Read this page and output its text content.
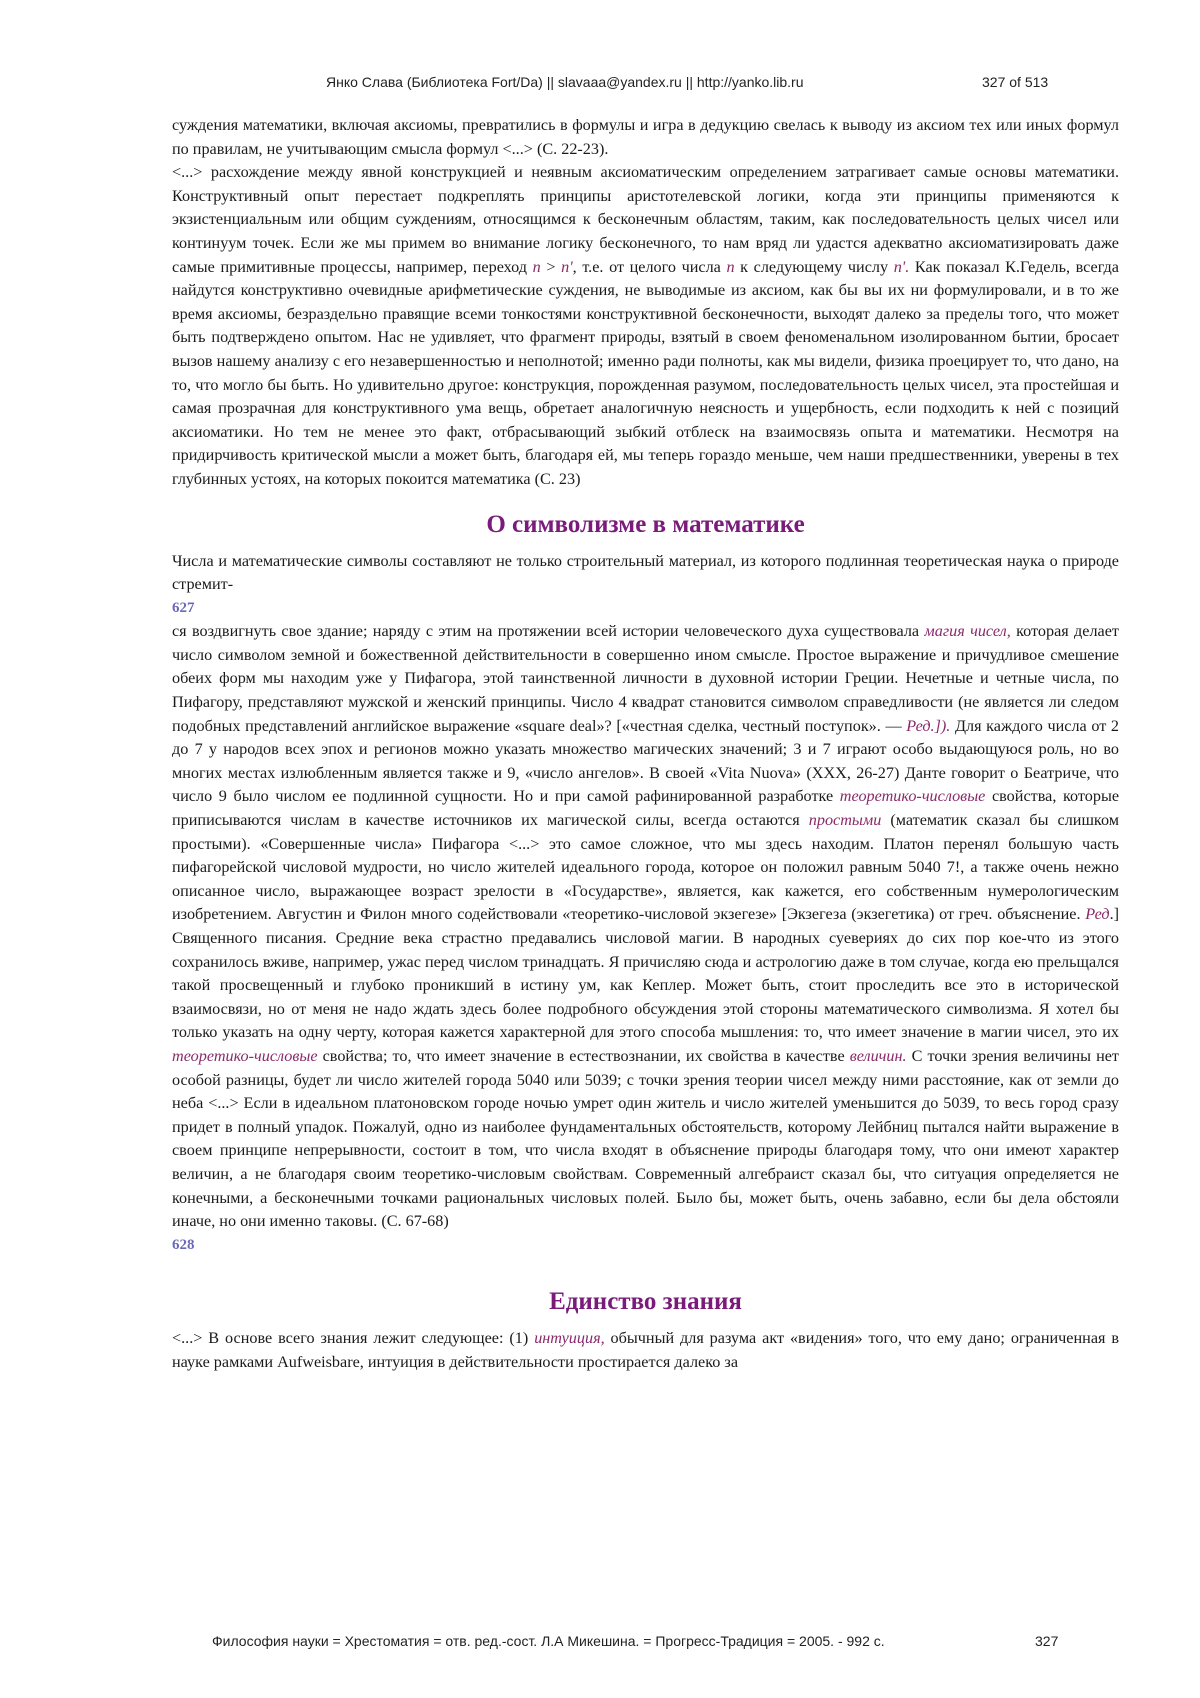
Янко Слава (Библиотека Fort/Da) || slavaaa@yandex.ru || http://yanko.lib.ru	327 of 513

суждения математики, включая аксиомы, превратились в формулы и игра в дедукцию свелась к выводу из аксиом тех или иных формул по правилам, не учитывающим смысла формул <...> (С. 22-23).

<...> расхождение между явной конструкцией и неявным аксиоматическим определением затрагивает самые основы математики. Конструктивный опыт перестает подкреплять принципы аристотелевской логики, когда эти принципы применяются к экзистенциальным или общим суждениям, относящимся к бесконечным областям, таким, как последовательность целых чисел или континуум точек. Если же мы примем во внимание логику бесконечного, то нам вряд ли удастся адекватно аксиоматизировать даже самые примитивные процессы, например, переход n > n', т.е. от целого числа n к следующему числу n'. Как показал К.Гедель, всегда найдутся конструктивно очевидные арифметические суждения, не выводимые из аксиом, как бы вы их ни формулировали, и в то же время аксиомы, безраздельно правящие всеми тонкостями конструктивной бесконечности, выходят далеко за пределы того, что может быть подтверждено опытом. Нас не удивляет, что фрагмент природы, взятый в своем феноменальном изолированном бытии, бросает вызов нашему анализу с его незавершенностью и неполнотой; именно ради полноты, как мы видели, физика проецирует то, что дано, на то, что могло бы быть. Но удивительно другое: конструкция, порожденная разумом, последовательность целых чисел, эта простейшая и самая прозрачная для конструктивного ума вещь, обретает аналогичную неясность и ущербность, если подходить к ней с позиций аксиоматики. Но тем не менее это факт, отбрасывающий зыбкий отблеск на взаимосвязь опыта и математики. Несмотря на придирчивость критической мысли а может быть, благодаря ей, мы теперь гораздо меньше, чем наши предшественники, уверены в тех глубинных устоях, на которых покоится математика (С. 23)

О символизме в математике

Числа и математические символы составляют не только строительный материал, из которого подлинная теоретическая наука о природе стремит-

627

ся воздвигнуть свое здание; наряду с этим на протяжении всей истории человеческого духа существовала магия чисел, которая делает число символом земной и божественной действительности в совершенно ином смысле. Простое выражение и причудливое смешение обеих форм мы находим уже у Пифагора, этой таинственной личности в духовной истории Греции. Нечетные и четные числа, по Пифагору, представляют мужской и женский принципы. Число 4 квадрат становится символом справедливости (не является ли следом подобных представлений английское выражение «square deal»? [«честная сделка, честный поступок». — Ред.]). Для каждого числа от 2 до 7 у народов всех эпох и регионов можно указать множество магических значений; 3 и 7 играют особо выдающуюся роль, но во многих местах излюбленным является также и 9, «число ангелов». В своей «Vita Nuova» (XXX, 26-27) Данте говорит о Беатриче, что число 9 было числом ее подлинной сущности. Но и при самой рафинированной разработке теоретико-числовые свойства, которые приписываются числам в качестве источников их магической силы, всегда остаются простыми (математик сказал бы слишком простыми). «Совершенные числа» Пифагора <...> это самое сложное, что мы здесь находим. Платон перенял большую часть пифагорейской числовой мудрости, но число жителей идеального города, которое он положил равным 5040 7!, а также очень нежно описанное число, выражающее возраст зрелости в «Государстве», является, как кажется, его собственным нумерологическим изобретением. Августин и Филон много содействовали «теоретико-числовой экзегезе» [Экзегеза (экзегетика) от греч. объяснение. Ред.] Священного писания. Средние века страстно предавались числовой магии. В народных суевериях до сих пор кое-что из этого сохранилось вживе, например, ужас перед числом тринадцать. Я причисляю сюда и астрологию даже в том случае, когда ею прельщался такой просвещенный и глубоко проникший в истину ум, как Кеплер. Может быть, стоит проследить все это в исторической взаимосвязи, но от меня не надо ждать здесь более подробного обсуждения этой стороны математического символизма. Я хотел бы только указать на одну черту, которая кажется характерной для этого способа мышления: то, что имеет значение в магии чисел, это их теоретико-числовые свойства; то, что имеет значение в естествознании, их свойства в качестве величин. С точки зрения величины нет особой разницы, будет ли число жителей города 5040 или 5039; с точки зрения теории чисел между ними расстояние, как от земли до неба <...> Если в идеальном платоновском городе ночью умрет один житель и число жителей уменьшится до 5039, то весь город сразу придет в полный упадок. Пожалуй, одно из наиболее фундаментальных обстоятельств, которому Лейбниц пытался найти выражение в своем принципе непрерывности, состоит в том, что числа входят в объяснение природы благодаря тому, что они имеют характер величин, а не благодаря своим теоретико-числовым свойствам. Современный алгебраист сказал бы, что ситуация определяется не конечными, а бесконечными точками рациональных числовых полей. Было бы, может быть, очень забавно, если бы дела обстояли иначе, но они именно таковы. (С. 67-68)

628
Единство знания

<...> В основе всего знания лежит следующее: (1) интуиция, обычный для разума акт «видения» того, что ему дано; ограниченная в науке рамками Aufweisbare, интуиция в действительности простирается далеко за

Философия науки = Хрестоматия = отв. ред.-сост. Л.А Микешина. = Прогресс-Традиция = 2005. - 992 с.	327
